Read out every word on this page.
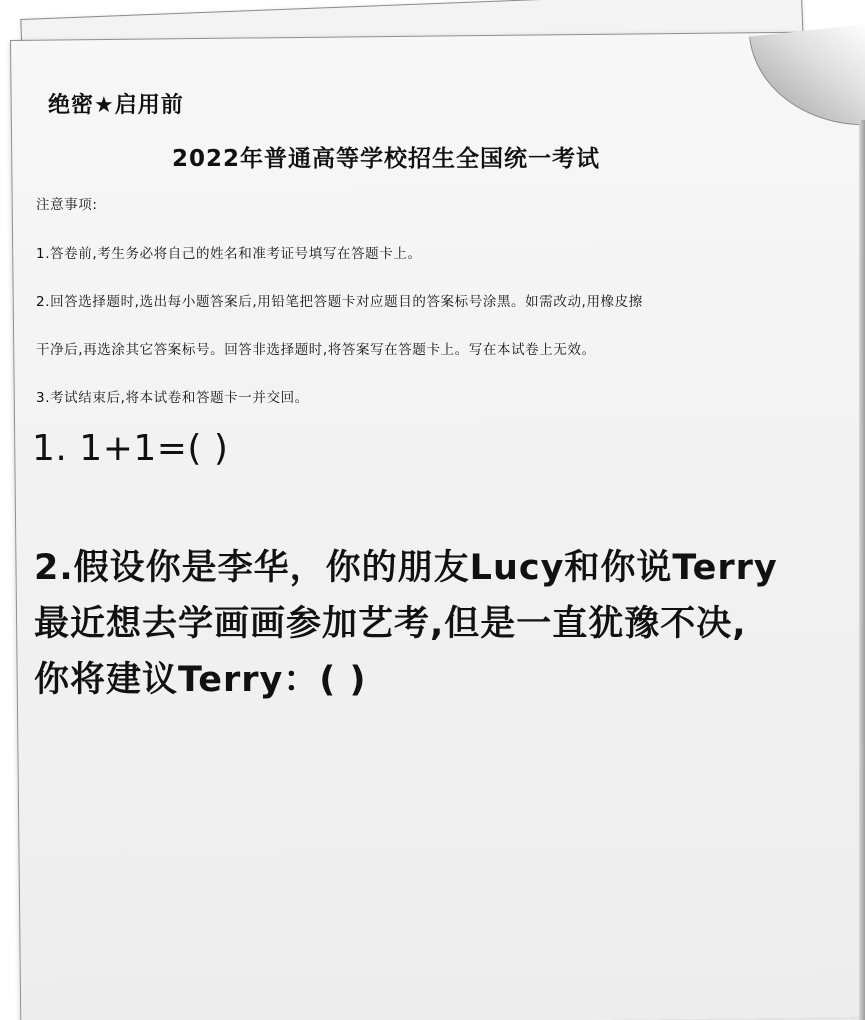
绝密★启用前
2022年普通高等学校招生全国统一考试
注意事项:
1.答卷前,考生务必将自己的姓名和准考证号填写在答题卡上。
2.回答选择题时,选出每小题答案后,用铅笔把答题卡对应题目的答案标号涂黑。如需改动,用橡皮擦
干净后,再选涂其它答案标号。回答非选择题时,将答案写在答题卡上。写在本试卷上无效。
3.考试结束后,将本试卷和答题卡一并交回。
1. 1+1=( )
2.假设你是李华，你的朋友Lucy和你说Terry
最近想去学画画参加艺考,但是一直犹豫不决,
你将建议Terry：( )
